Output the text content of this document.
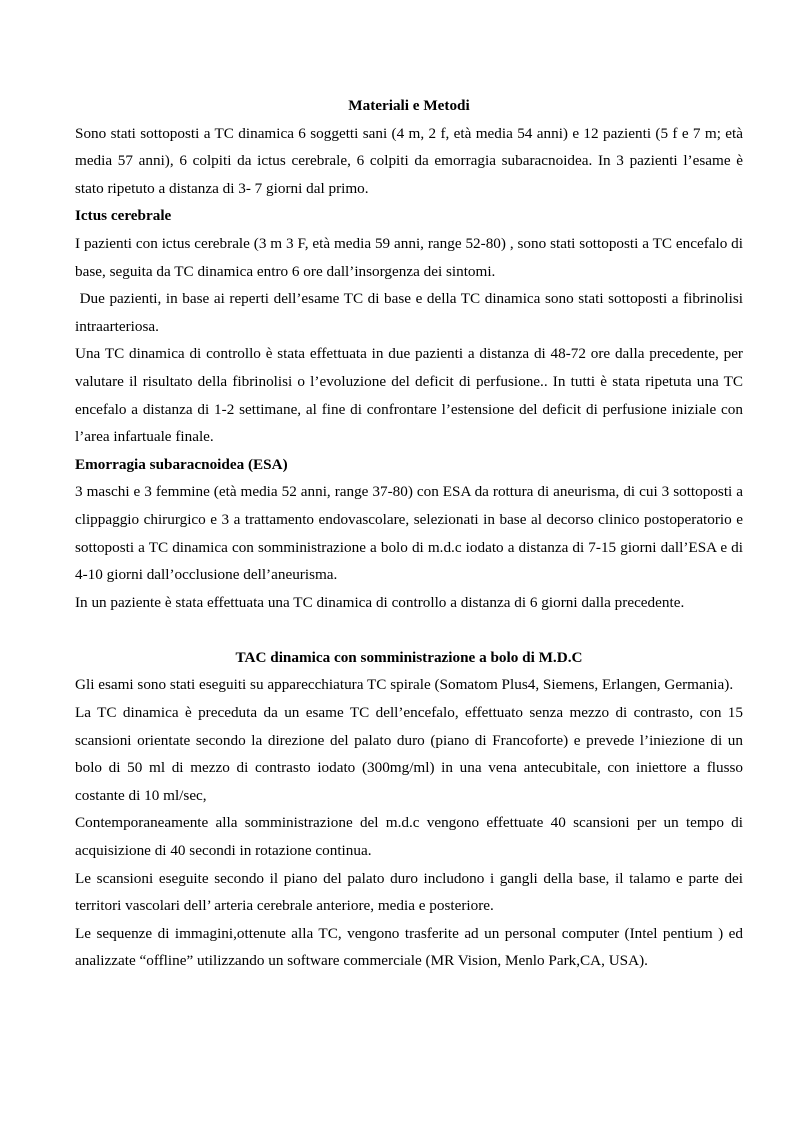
Materiali e Metodi

Sono stati sottoposti a TC dinamica 6 soggetti sani (4 m, 2 f, età media 54 anni) e 12 pazienti (5 f e 7 m; età media 57 anni), 6 colpiti da ictus cerebrale, 6 colpiti da emorragia subaracnoidea. In 3 pazienti l’esame è stato ripetuto a distanza di 3- 7 giorni dal primo.

Ictus cerebrale

I pazienti con ictus cerebrale (3 m 3 F, età media 59 anni, range 52-80) , sono stati sottoposti a TC encefalo di base, seguita da TC dinamica entro 6 ore dall’insorgenza dei sintomi.

Due pazienti, in base ai reperti dell’esame TC di base e della TC dinamica sono stati sottoposti a fibrinolisi intraarteriosa.

Una TC dinamica di controllo è stata effettuata in due pazienti a distanza di 48-72 ore dalla precedente, per valutare il risultato della fibrinolisi o l’evoluzione del deficit di perfusione.. In tutti è stata ripetuta una TC encefalo a distanza di 1-2 settimane, al fine di confrontare l’estensione del deficit di perfusione iniziale con l’area infartuale finale.

Emorragia subaracnoidea (ESA)

3 maschi e 3 femmine (età media 52 anni, range 37-80) con ESA da rottura di aneurisma, di cui 3 sottoposti a clippaggio chirurgico e 3 a trattamento endovascolare, selezionati in base al decorso clinico postoperatorio e sottoposti a TC dinamica con somministrazione a bolo di m.d.c iodato a distanza di 7-15 giorni dall’ESA e di 4-10 giorni dall’occlusione dell’aneurisma.

In un paziente è stata effettuata una TC dinamica di controllo a distanza di 6 giorni dalla precedente.

TAC dinamica con somministrazione a bolo di M.D.C

Gli esami sono stati eseguiti su apparecchiatura TC spirale (Somatom Plus4, Siemens, Erlangen, Germania).

La TC dinamica è preceduta da un esame TC dell’encefalo, effettuato senza mezzo di contrasto, con 15 scansioni orientate secondo la direzione del palato duro (piano di Francoforte) e prevede l’iniezione di un bolo di 50 ml di mezzo di contrasto iodato (300mg/ml) in una vena antecubitale, con iniettore a flusso costante di 10 ml/sec,

Contemporaneamente alla somministrazione del m.d.c vengono effettuate 40 scansioni per un tempo di acquisizione di 40 secondi in rotazione continua.

Le scansioni eseguite secondo il piano del palato duro includono i gangli della base, il talamo e parte dei territori vascolari dell’ arteria cerebrale anteriore, media e posteriore.

Le sequenze di immagini,ottenute alla TC, vengono trasferite ad un personal computer (Intel pentium ) ed analizzate “offline” utilizzando un software commerciale (MR Vision, Menlo Park,CA, USA).
